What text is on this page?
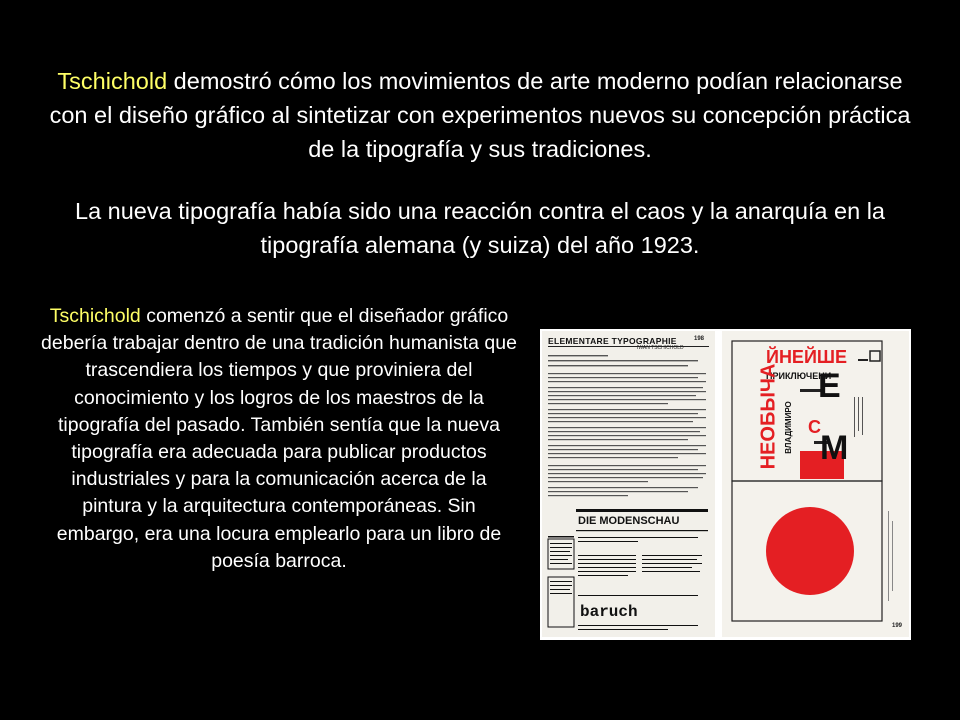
Tschichold demostró cómo los movimientos de arte moderno podían relacionarse con el diseño gráfico al sintetizar con experimentos nuevos su concepción práctica de la tipografía y sus tradiciones.

La nueva tipografía había sido una reacción contra el caos y la anarquía en la tipografía alemana (y suiza) del año 1923.

Tschichold comenzó a sentir que el diseñador gráfico debería trabajar dentro de una tradición humanista que trascendiera los tiempos y que proviniera del conocimiento y los logros de los maestros de la tipografía del pasado. También sentía que la nueva tipografía era adecuada para publicar productos industriales y para la comunicación acerca de la pintura y la arquitectura contemporáneas. Sin embargo, era una locura emplearlo para un libro de poesía barroca.

ELEMENTARE TYPOGRAPHIE	198
IWAN TSCHICHOLD
DIE MODENSCHAU
baruch
ЙНЕЙШЕ
ПРИКЛЮЧЕНИ
Е
С
М
НЕОБЫЧА ВЛАДИМИРО
199
